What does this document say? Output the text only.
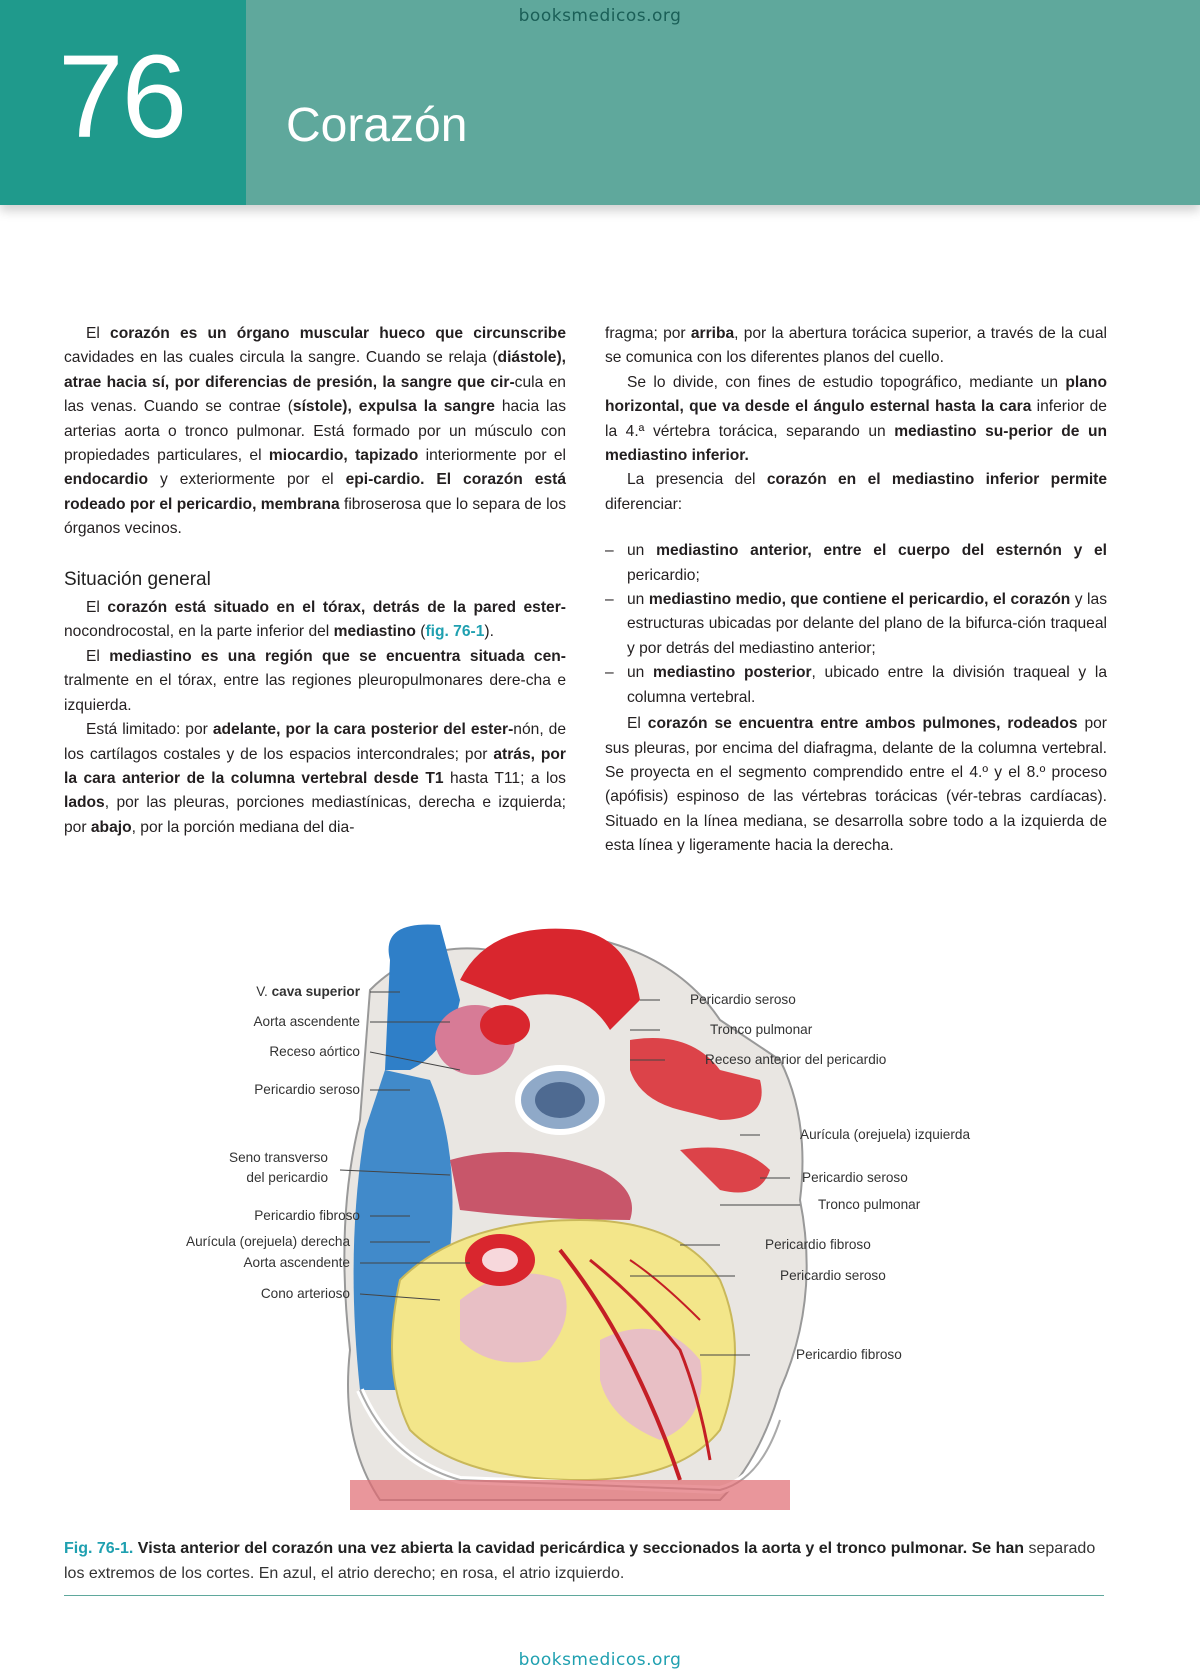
76 Corazón
booksmedicos.org

El corazón es un órgano muscular hueco que circunscribe cavidades en las cuales circula la sangre. Cuando se relaja (diástole), atrae hacia sí, por diferencias de presión, la sangre que cir-cula en las venas. Cuando se contrae (sístole), expulsa la sangre hacia las arterias aorta o tronco pulmonar. Está formado por un músculo con propiedades particulares, el miocardio, tapizado interiormente por el endocardio y exteriormente por el epi-cardio. El corazón está rodeado por el pericardio, membrana fibroserosa que lo separa de los órganos vecinos.

Situación general

El corazón está situado en el tórax, detrás de la pared ester-nocondrocostal, en la parte inferior del mediastino (fig. 76-1).

El mediastino es una región que se encuentra situada cen-tralmente en el tórax, entre las regiones pleuropulmonares dere-cha e izquierda.

Está limitado: por adelante, por la cara posterior del ester-nón, de los cartílagos costales y de los espacios intercondrales; por atrás, por la cara anterior de la columna vertebral desde T1 hasta T11; a los lados, por las pleuras, porciones mediastínicas, derecha e izquierda; por abajo, por la porción mediana del dia-

fragma; por arriba, por la abertura torácica superior, a través de la cual se comunica con los diferentes planos del cuello.

Se lo divide, con fines de estudio topográfico, mediante un plano horizontal, que va desde el ángulo esternal hasta la cara inferior de la 4.ª vértebra torácica, separando un mediastino su-perior de un mediastino inferior.

La presencia del corazón en el mediastino inferior permite diferenciar:

– un mediastino anterior, entre el cuerpo del esternón y el pericardio;
– un mediastino medio, que contiene el pericardio, el corazón y las estructuras ubicadas por delante del plano de la bifurca-ción traqueal y por detrás del mediastino anterior;
– un mediastino posterior, ubicado entre la división traqueal y la columna vertebral.

El corazón se encuentra entre ambos pulmones, rodeados por sus pleuras, por encima del diafragma, delante de la columna vertebral. Se proyecta en el segmento comprendido entre el 4.º y el 8.º proceso (apófisis) espinoso de las vértebras torácicas (vér-tebras cardíacas). Situado en la línea mediana, se desarrolla sobre todo a la izquierda de esta línea y ligeramente hacia la derecha.

V. cava superior
Aorta ascendente
Receso aórtico
Pericardio seroso
Seno transverso
del pericardio
Pericardio fibroso
Aurícula (orejuela) derecha
Aorta ascendente
Cono arterioso
Pericardio seroso
Tronco pulmonar
Receso anterior del pericardio
Aurícula (orejuela) izquierda
Pericardio seroso
Tronco pulmonar
Pericardio fibroso
Pericardio seroso
Pericardio fibroso
Fig. 76-1. Vista anterior del corazón una vez abierta la cavidad pericárdica y seccionados la aorta y el tronco pulmonar. Se han separado los extremos de los cortes. En azul, el atrio derecho; en rosa, el atrio izquierdo.
booksmedicos.org
